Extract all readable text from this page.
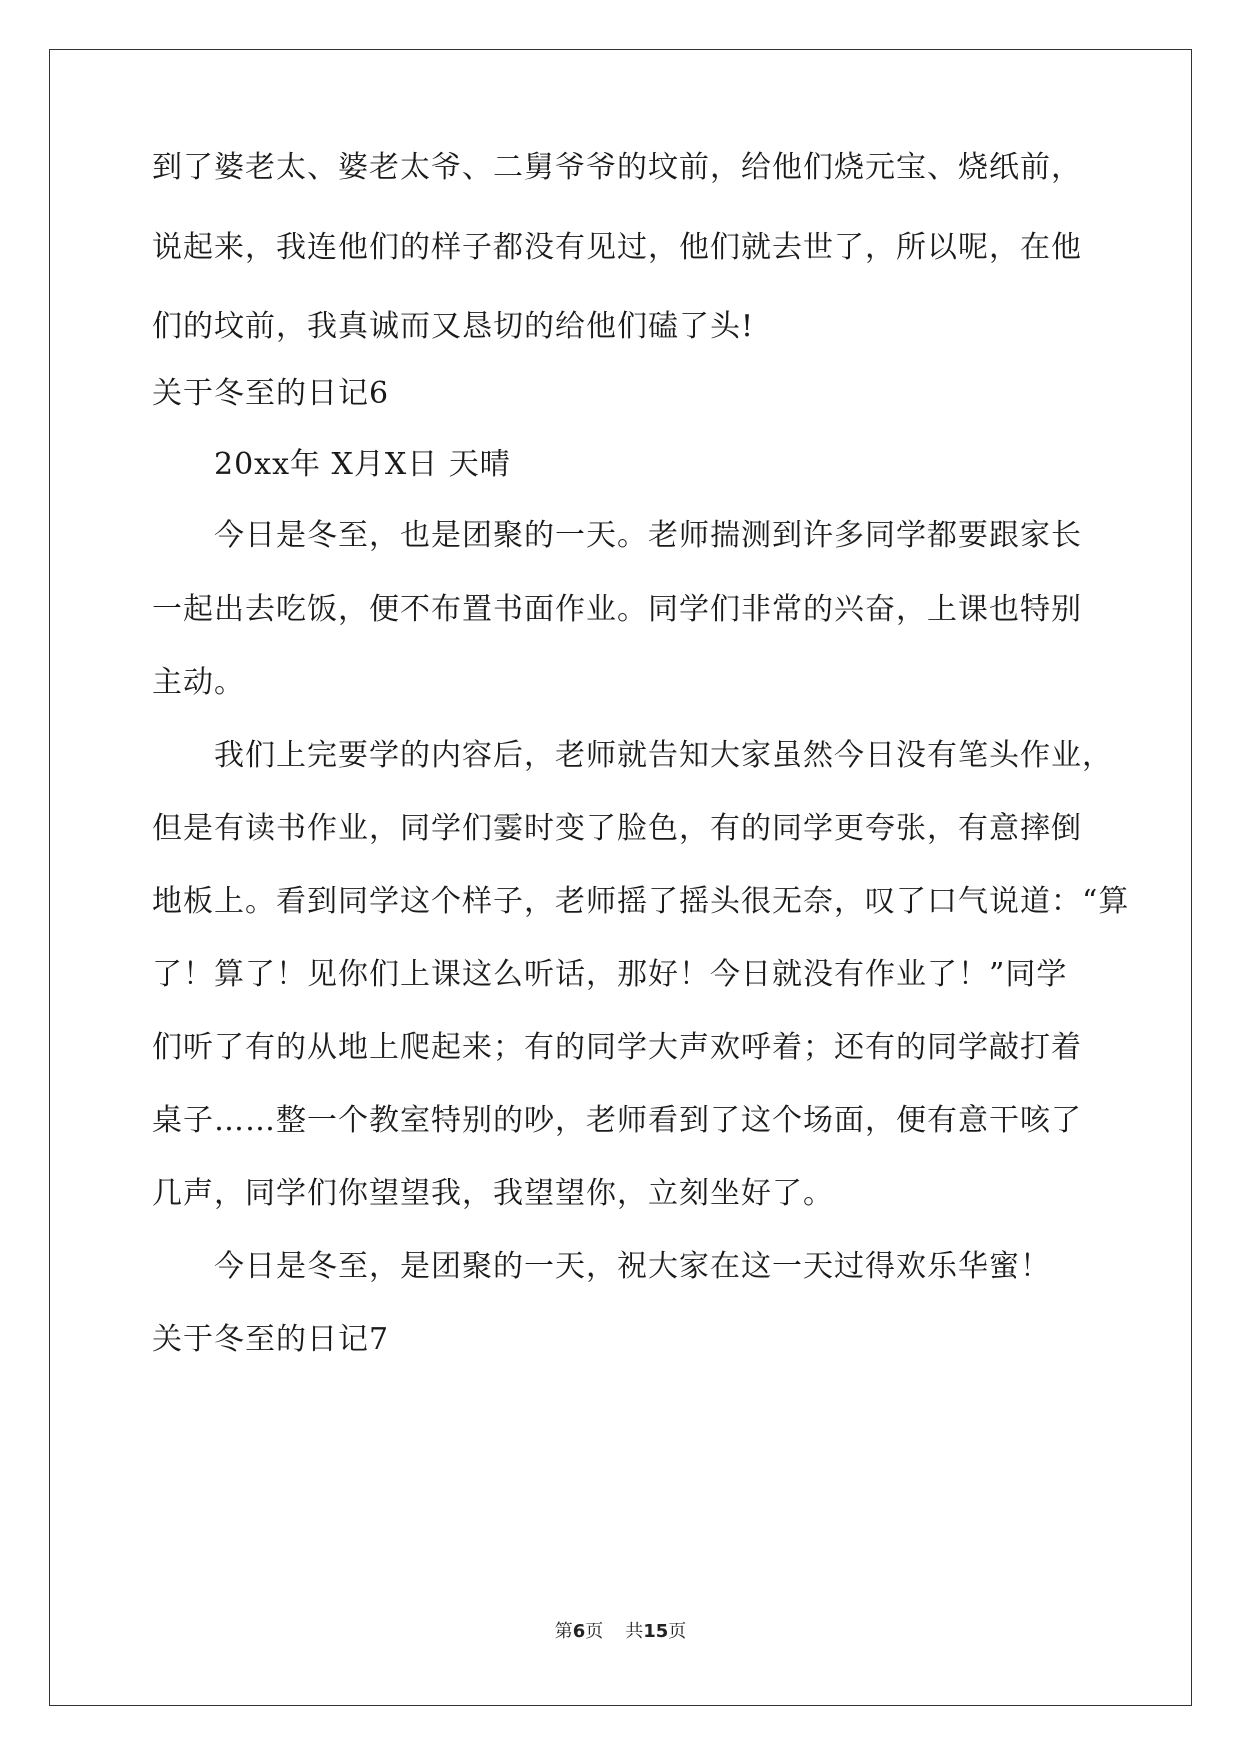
到了婆老太、婆老太爷、二舅爷爷的坟前，给他们烧元宝、烧纸前，
说起来，我连他们的样子都没有见过，他们就去世了，所以呢，在他
们的坟前，我真诚而又恳切的给他们磕了头!
关于冬至的日记6
20xx年 X月X日 天晴
今日是冬至，也是团聚的一天。老师揣测到许多同学都要跟家长
一起出去吃饭，便不布置书面作业。同学们非常的兴奋，上课也特别
主动。
我们上完要学的内容后，老师就告知大家虽然今日没有笔头作业，
但是有读书作业，同学们霎时变了脸色，有的同学更夸张，有意摔倒
地板上。看到同学这个样子，老师摇了摇头很无奈，叹了口气说道：“算
了！算了！见你们上课这么听话，那好！今日就没有作业了！”同学
们听了有的从地上爬起来；有的同学大声欢呼着；还有的同学敲打着
桌子……整一个教室特别的吵，老师看到了这个场面，便有意干咳了
几声，同学们你望望我，我望望你，立刻坐好了。
今日是冬至，是团聚的一天，祝大家在这一天过得欢乐华蜜！
关于冬至的日记7
第6页 共15页
